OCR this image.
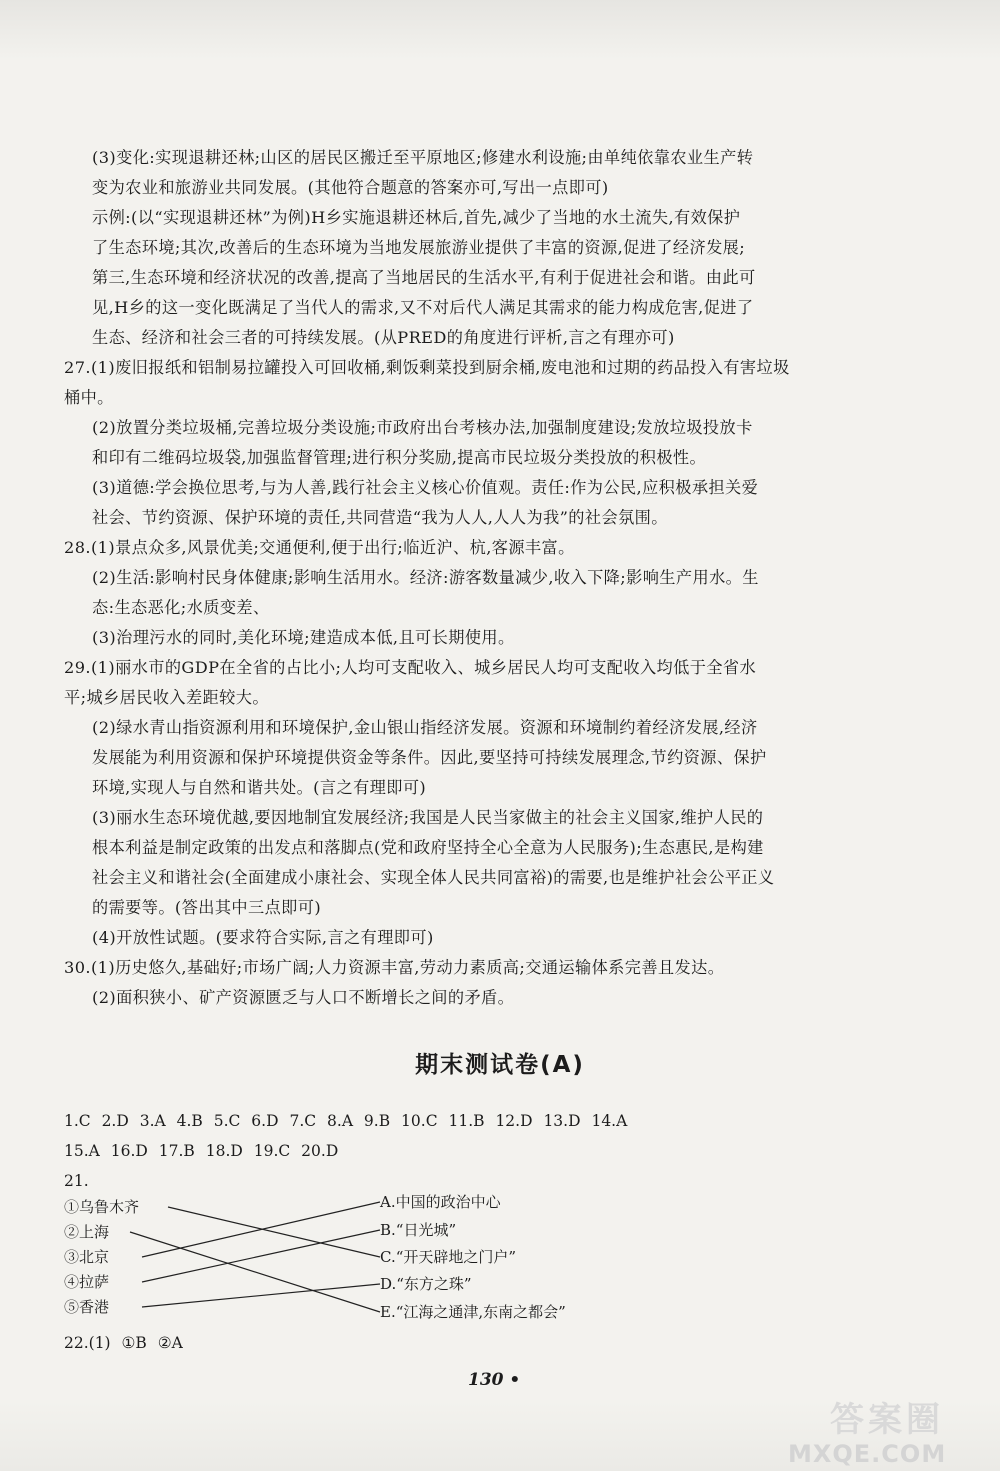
(3)变化:实现退耕还林;山区的居民区搬迁至平原地区;修建水利设施;由单纯依靠农业生产转
变为农业和旅游业共同发展。(其他符合题意的答案亦可,写出一点即可)
示例:(以“实现退耕还林”为例)H乡实施退耕还林后,首先,减少了当地的水土流失,有效保护
了生态环境;其次,改善后的生态环境为当地发展旅游业提供了丰富的资源,促进了经济发展;
第三,生态环境和经济状况的改善,提高了当地居民的生活水平,有利于促进社会和谐。由此可
见,H乡的这一变化既满足了当代人的需求,又不对后代人满足其需求的能力构成危害,促进了
生态、经济和社会三者的可持续发展。(从PRED的角度进行评析,言之有理亦可)
27.(1)废旧报纸和铝制易拉罐投入可回收桶,剩饭剩菜投到厨余桶,废电池和过期的药品投入有害垃圾
桶中。
(2)放置分类垃圾桶,完善垃圾分类设施;市政府出台考核办法,加强制度建设;发放垃圾投放卡
和印有二维码垃圾袋,加强监督管理;进行积分奖励,提高市民垃圾分类投放的积极性。
(3)道德:学会换位思考,与为人善,践行社会主义核心价值观。责任:作为公民,应积极承担关爱
社会、节约资源、保护环境的责任,共同营造“我为人人,人人为我”的社会氛围。
28.(1)景点众多,风景优美;交通便利,便于出行;临近沪、杭,客源丰富。
(2)生活:影响村民身体健康;影响生活用水。经济:游客数量减少,收入下降;影响生产用水。生
态:生态恶化;水质变差、
(3)治理污水的同时,美化环境;建造成本低,且可长期使用。
29.(1)丽水市的GDP在全省的占比小;人均可支配收入、城乡居民人均可支配收入均低于全省水
平;城乡居民收入差距较大。
(2)绿水青山指资源利用和环境保护,金山银山指经济发展。资源和环境制约着经济发展,经济
发展能为利用资源和保护环境提供资金等条件。因此,要坚持可持续发展理念,节约资源、保护
环境,实现人与自然和谐共处。(言之有理即可)
(3)丽水生态环境优越,要因地制宜发展经济;我国是人民当家做主的社会主义国家,维护人民的
根本利益是制定政策的出发点和落脚点(党和政府坚持全心全意为人民服务);生态惠民,是构建
社会主义和谐社会(全面建成小康社会、实现全体人民共同富裕)的需要,也是维护社会公平正义
的需要等。(答出其中三点即可)
(4)开放性试题。(要求符合实际,言之有理即可)
30.(1)历史悠久,基础好;市场广阔;人力资源丰富,劳动力素质高;交通运输体系完善且发达。
(2)面积狭小、矿产资源匮乏与人口不断增长之间的矛盾。
期末测试卷(A)
1.C 2.D 3.A 4.B 5.C 6.D 7.C 8.A 9.B 10.C 11.B 12.D 13.D 14.A
15.A 16.D 17.B 18.D 19.C 20.D
21.
①乌鲁木齐
②上海
③北京
④拉萨
⑤香港
A.中国的政治中心
B.“日光城”
C.“开天辟地之门户”
D.“东方之珠”
E.“江海之通津,东南之都会”
22.(1) ①B ②A
130 •
答案圈
MXQE.COM
